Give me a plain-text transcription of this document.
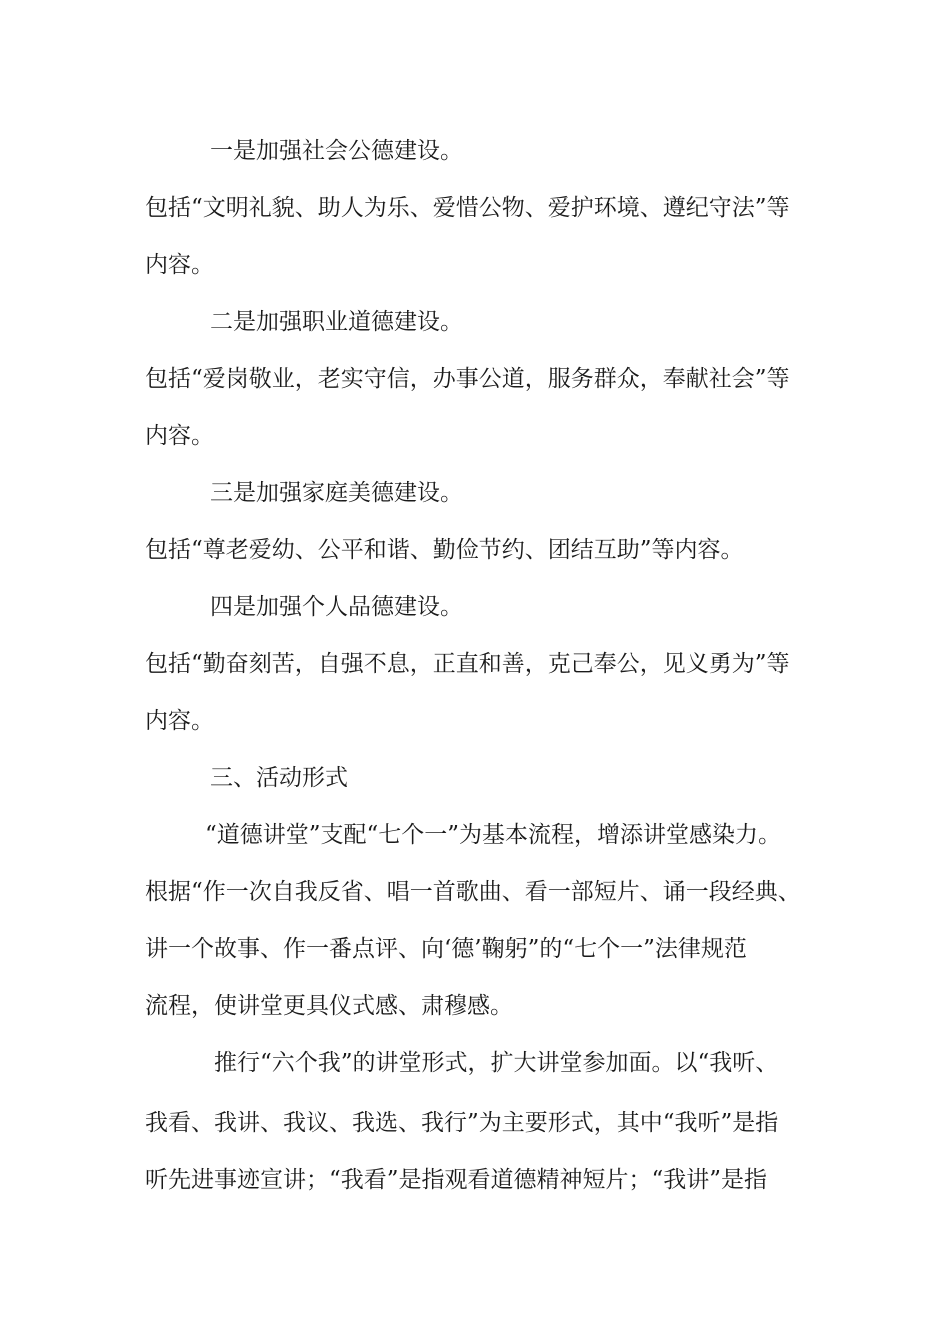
一是加强社会公德建设。
包括“文明礼貌、助人为乐、爱惜公物、爱护环境、遵纪守法”等
内容。
二是加强职业道德建设。
包括“爱岗敬业，老实守信，办事公道，服务群众，奉献社会”等
内容。
三是加强家庭美德建设。
包括“尊老爱幼、公平和谐、勤俭节约、团结互助”等内容。
四是加强个人品德建设。
包括“勤奋刻苦，自强不息，正直和善，克己奉公，见义勇为”等
内容。
三、活动形式
“道德讲堂”支配“七个一”为基本流程，增添讲堂感染力。
根据“作一次自我反省、唱一首歌曲、看一部短片、诵一段经典、
讲一个故事、作一番点评、向‘德’鞠躬”的“七个一”法律规范
流程，使讲堂更具仪式感、肃穆感。
推行“六个我”的讲堂形式，扩大讲堂参加面。以“我听、
我看、我讲、我议、我选、我行”为主要形式，其中“我听”是指
听先进事迹宣讲；“我看”是指观看道德精神短片；“我讲”是指
